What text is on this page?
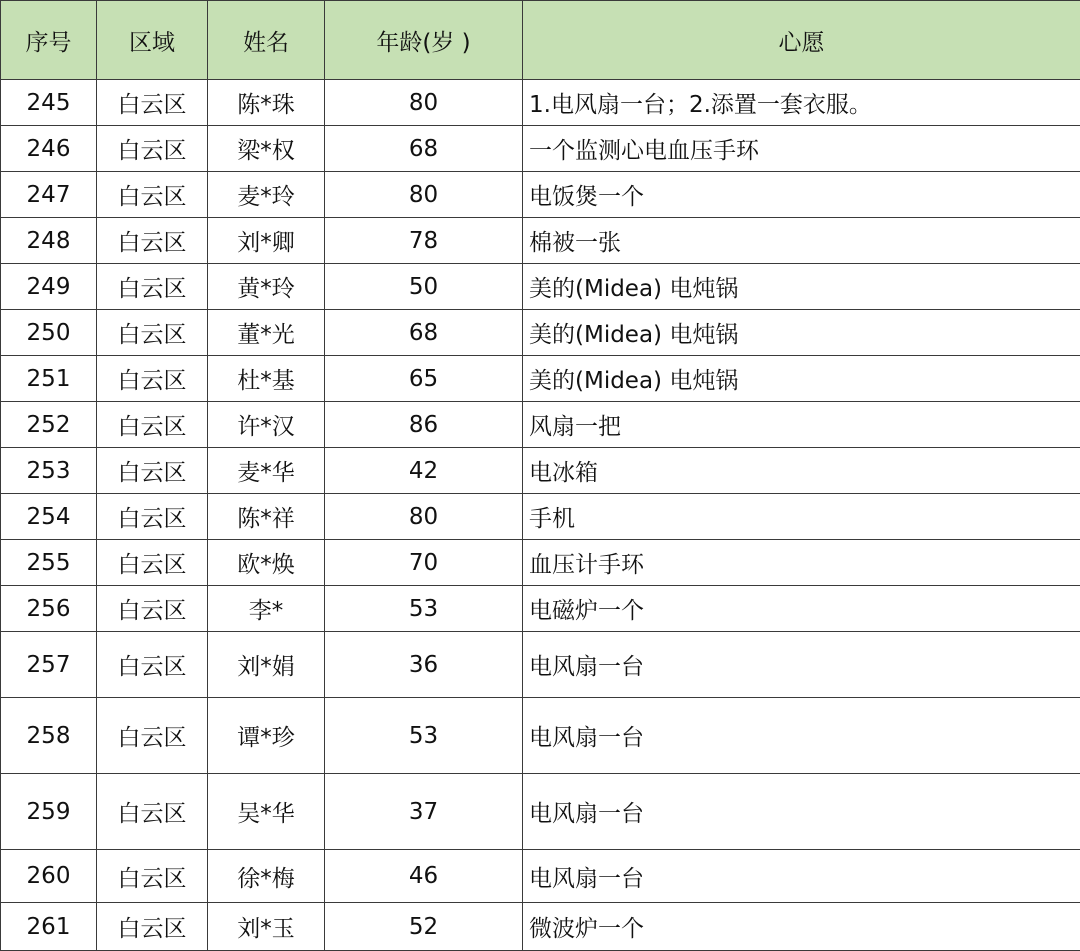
序号	区域	姓名	年龄(岁 )	心愿
245	白云区	陈*珠	80	1.电风扇一台；2.添置一套衣服。
246	白云区	梁*权	68	一个监测心电血压手环
247	白云区	麦*玲	80	电饭煲一个
248	白云区	刘*卿	78	棉被一张
249	白云区	黄*玲	50	美的(Midea) 电炖锅
250	白云区	董*光	68	美的(Midea) 电炖锅
251	白云区	杜*基	65	美的(Midea) 电炖锅
252	白云区	许*汉	86	风扇一把
253	白云区	麦*华	42	电冰箱
254	白云区	陈*祥	80	手机
255	白云区	欧*焕	70	血压计手环
256	白云区	李*	53	电磁炉一个
257	白云区	刘*娟	36	电风扇一台
258	白云区	谭*珍	53	电风扇一台
259	白云区	吴*华	37	电风扇一台
260	白云区	徐*梅	46	电风扇一台
261	白云区	刘*玉	52	微波炉一个
